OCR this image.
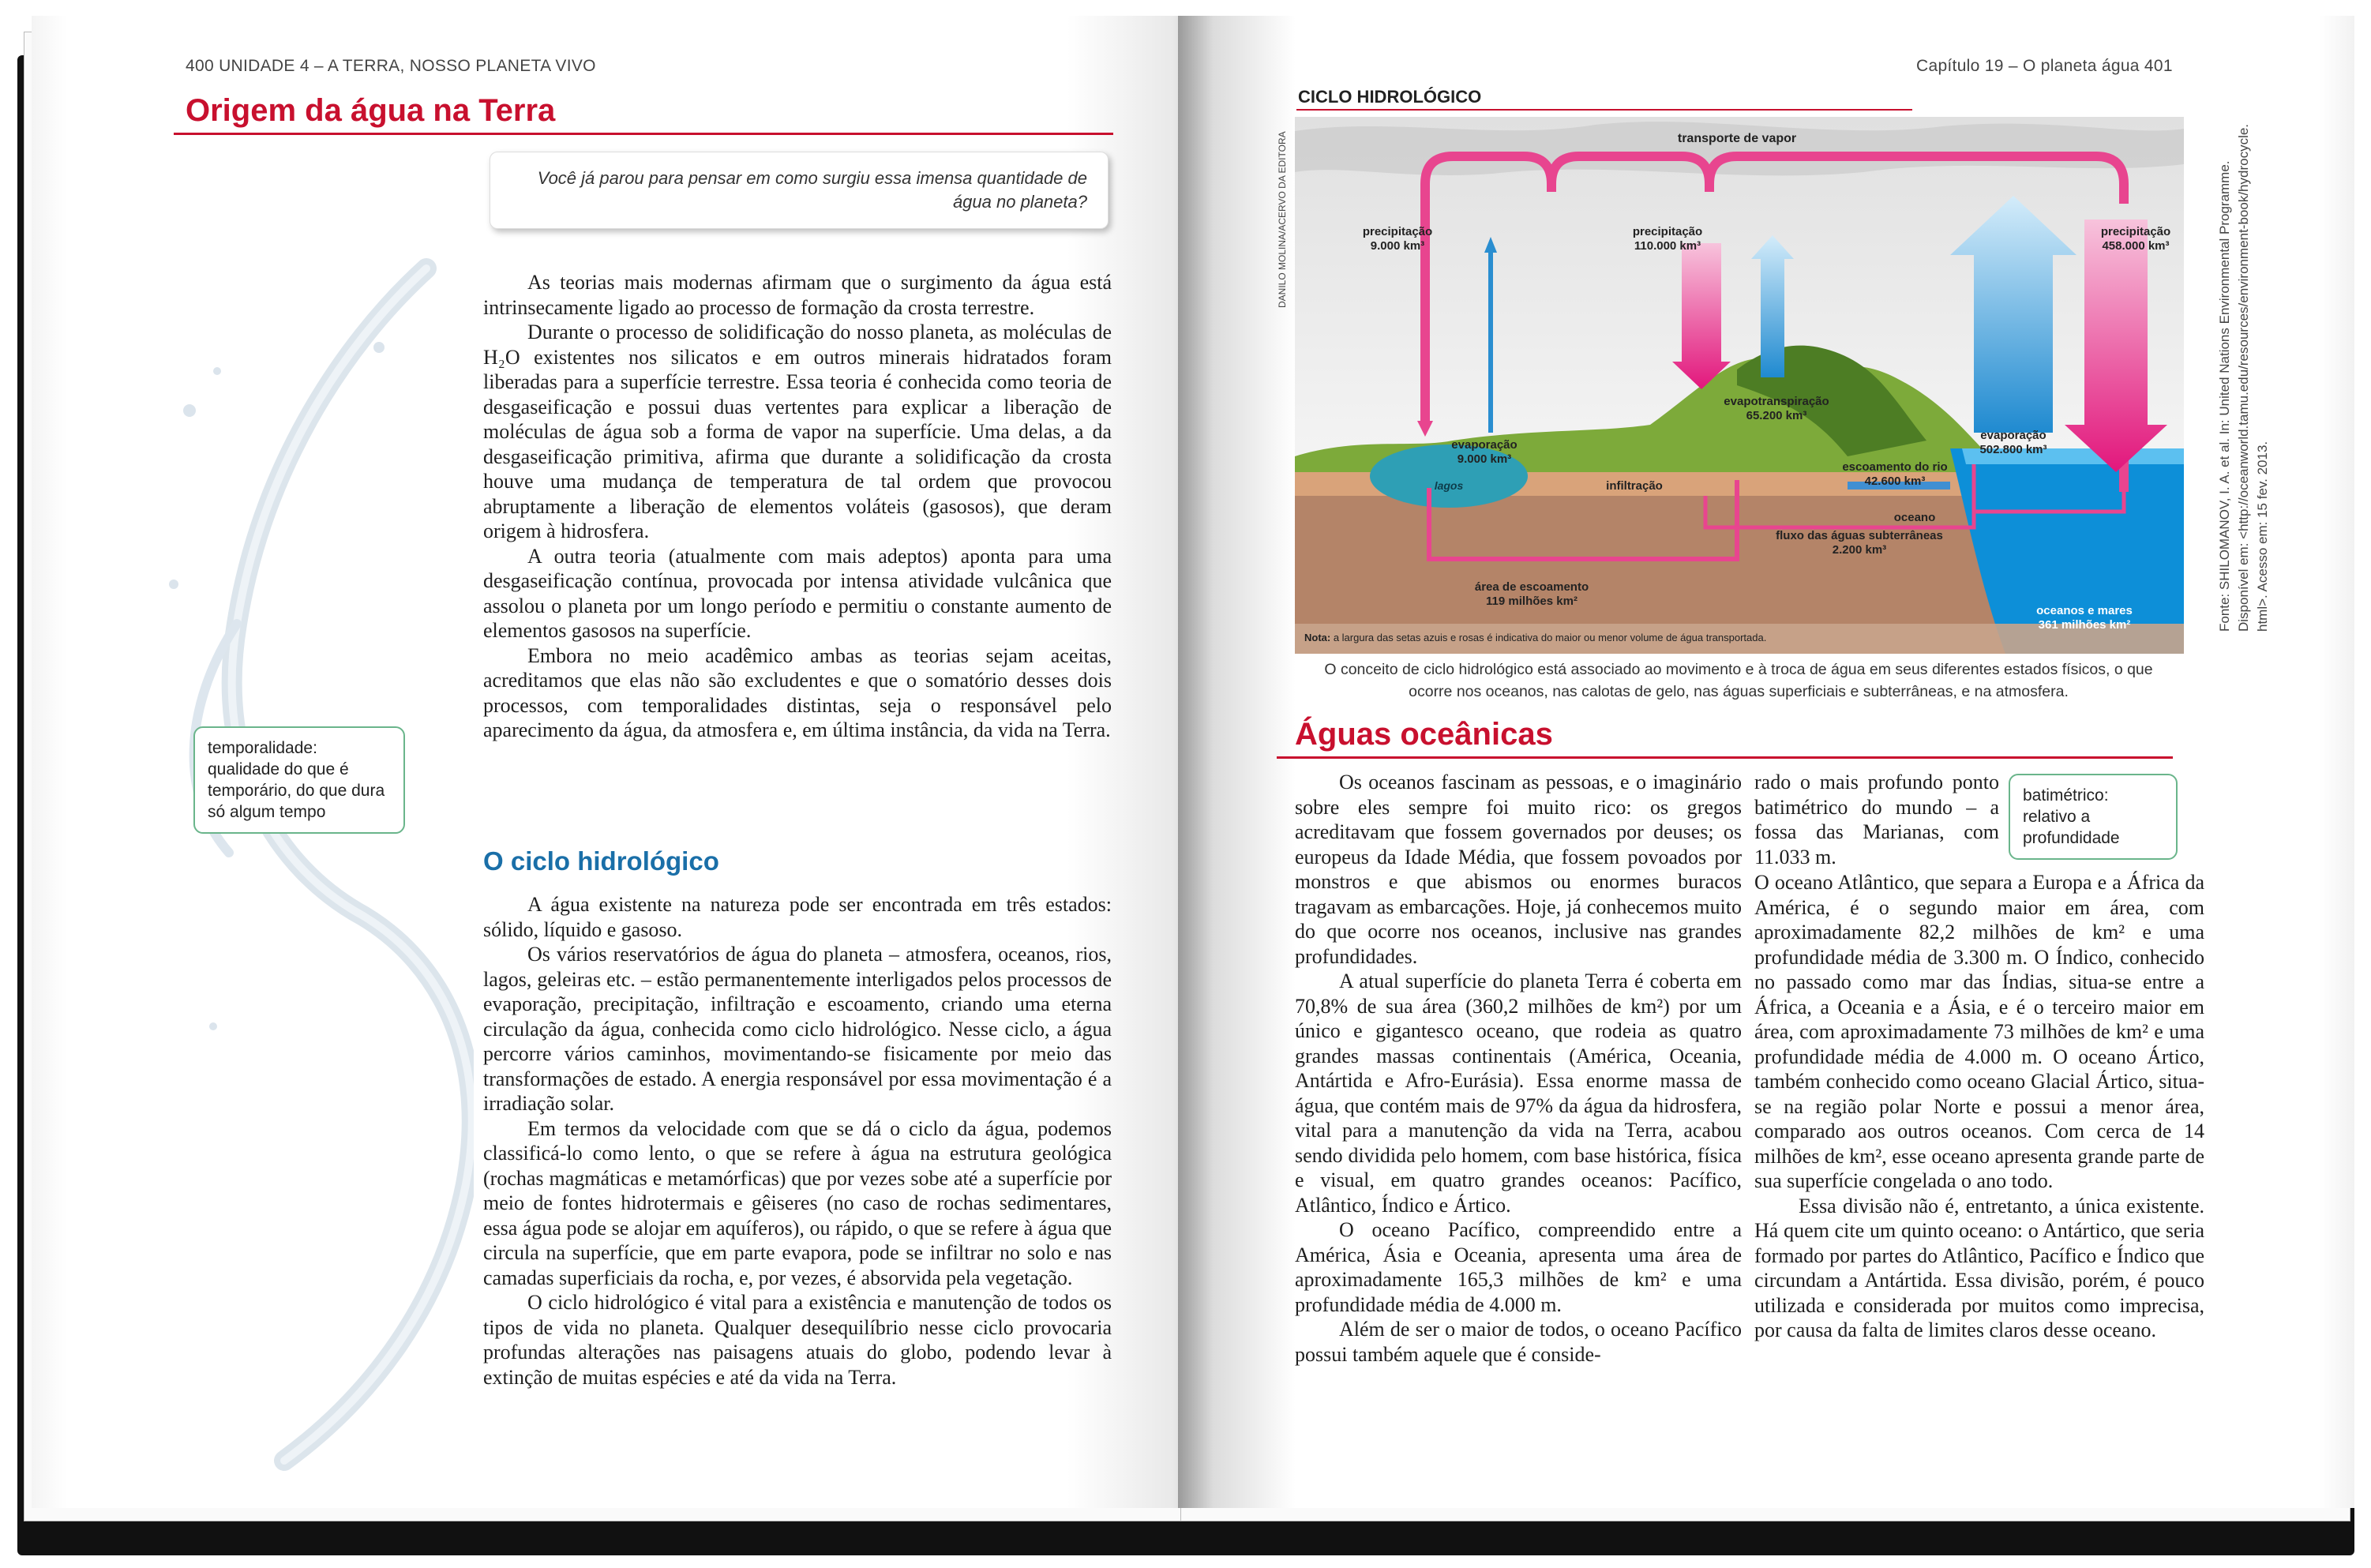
400 UNIDADE 4 – A TERRA, NOSSO PLANETA VIVO
Origem da água na Terra
Você já parou para pensar em como surgiu essa imensa quantidade de água no planeta?

As teorias mais modernas afirmam que o surgimento da água está intrinsecamente ligado ao processo de formação da crosta terrestre.

Durante o processo de solidificação do nosso planeta, as moléculas de H₂O existentes nos silicatos e em outros minerais hidratados foram liberadas para a superfície terrestre. Essa teoria é conhecida como teoria de desgaseificação e possui duas vertentes para explicar a liberação de moléculas de água sob a forma de vapor na superfície. Uma delas, a da desgaseificação primitiva, afirma que durante a solidificação da crosta houve uma mudança de temperatura de tal ordem que provocou abruptamente a liberação de elementos voláteis (gasosos), que deram origem à hidrosfera.

A outra teoria (atualmente com mais adeptos) aponta para uma desgaseificação contínua, provocada por intensa atividade vulcânica que assolou o planeta por um longo período e permitiu o constante aumento de elementos gasosos na superfície.

Embora no meio acadêmico ambas as teorias sejam aceitas, acreditamos que elas não são excludentes e que o somatório desses dois processos, com temporalidades distintas, seja o responsável pelo aparecimento da água, da atmosfera e, em última instância, da vida na Terra.

temporalidade: qualidade do que é temporário, do que dura só algum tempo
O ciclo hidrológico

A água existente na natureza pode ser encontrada em três estados: sólido, líquido e gasoso.

Os vários reservatórios de água do planeta – atmosfera, oceanos, rios, lagos, geleiras etc. – estão permanentemente interligados pelos processos de evaporação, precipitação, infiltração e escoamento, criando uma eterna circulação da água, conhecida como ciclo hidrológico. Nesse ciclo, a água percorre vários caminhos, movimentando-se fisicamente por meio das transformações de estado. A energia responsável por essa movimentação é a irradiação solar.

Em termos da velocidade com que se dá o ciclo da água, podemos classificá-lo como lento, o que se refere à água na estrutura geológica (rochas magmáticas e metamórficas) que por vezes sobe até a superfície por meio de fontes hidrotermais e gêiseres (no caso de rochas sedimentares, essa água pode se alojar em aquíferos), ou rápido, o que se refere à água que circula na superfície, que em parte evapora, pode se infiltrar no solo e nas camadas superficiais da rocha, e, por vezes, é absorvida pela vegetação.

O ciclo hidrológico é vital para a existência e manutenção de todos os tipos de vida no planeta. Qualquer desequilíbrio nesse ciclo provocaria profundas alterações nas paisagens atuais do globo, podendo levar à extinção de muitas espécies e até da vida na Terra.

Capítulo 19 – O planeta água 401
CICLO HIDROLÓGICO
DANILO MOLINA/ACERVO DA EDITORA	transporte de vapor
precipitação
9.000 km³
precipitação
110.000 km³
precipitação
458.000 km³
evapotranspiração
65.200 km³
evaporação
9.000 km³
evaporação
502.800 km³
lagos	infiltração
escoamento do rio
42.600 km³
oceano
fluxo das águas subterrâneas
2.200 km³
área de escoamento
119 milhões km²
oceanos e mares
361 milhões km²
Nota: a largura das setas azuis e rosas é indicativa do maior ou menor volume de água transportada.
Fonte: SHILOMANOV, I. A. et al. In: United Nations Environmental Programme. Disponível em: <http://oceanworld.tamu.edu/resources/environment-book/hydrocycle. html>. Acesso em: 15 fev. 2013.
O conceito de ciclo hidrológico está associado ao movimento e à troca de água em seus diferentes estados físicos, o que ocorre nos oceanos, nas calotas de gelo, nas águas superficiais e subterrâneas, e na atmosfera.
Águas oceânicas

Os oceanos fascinam as pessoas, e o imaginário sobre eles sempre foi muito rico: os gregos acreditavam que fossem governados por deuses; os europeus da Idade Média, que fossem povoados por monstros e que abismos ou enormes buracos tragavam as embarcações. Hoje, já conhecemos muito do que ocorre nos oceanos, inclusive nas grandes profundidades.

A atual superfície do planeta Terra é coberta em 70,8% de sua área (360,2 milhões de km²) por um único e gigantesco oceano, que rodeia as quatro grandes massas continentais (América, Oceania, Antártida e Afro-Eurásia). Essa enorme massa de água, que contém mais de 97% da água da hidrosfera, vital para a manutenção da vida na Terra, acabou sendo dividida pelo homem, com base histórica, física e visual, em quatro grandes oceanos: Pacífico, Atlântico, Índico e Ártico.

O oceano Pacífico, compreendido entre a América, Ásia e Oceania, apresenta uma área de aproximadamente 165,3 milhões de km² e uma profundidade média de 4.000 m.

Além de ser o maior de todos, o oceano Pacífico possui também aquele que é conside-

rado o mais profundo ponto batimétrico do mundo – a fossa das Marianas, com 11.033 m.

batimétrico: relativo a profundidade

O oceano Atlântico, que separa a Europa e a África da América, é o segundo maior em área, com aproximadamente 82,2 milhões de km² e uma profundidade média de 3.300 m. O Índico, conhecido no passado como mar das Índias, situa-se entre a África, a Oceania e a Ásia, e é o terceiro maior em área, com aproximadamente 73 milhões de km² e uma profundidade média de 4.000 m. O oceano Ártico, também conhecido como oceano Glacial Ártico, situa-se na região polar Norte e possui a menor área, comparado aos outros oceanos. Com cerca de 14 milhões de km², esse oceano apresenta grande parte de sua superfície congelada o ano todo.

Essa divisão não é, entretanto, a única existente. Há quem cite um quinto oceano: o Antártico, que seria formado por partes do Atlântico, Pacífico e Índico que circundam a Antártida. Essa divisão, porém, é pouco utilizada e considerada por muitos como imprecisa, por causa da falta de limites claros desse oceano.
